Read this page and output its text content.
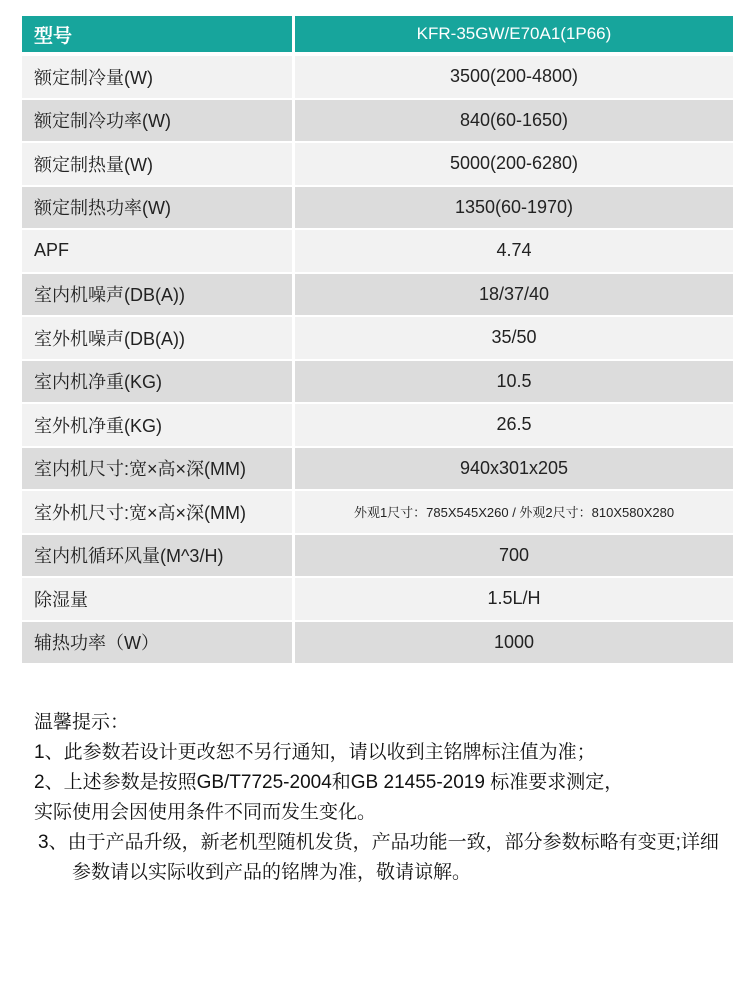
型号	KFR-35GW/E70A1(1P66)
额定制冷量(W)	3500(200-4800)
额定制冷功率(W)	840(60-1650)
额定制热量(W)	5000(200-6280)
额定制热功率(W)	1350(60-1970)
APF	4.74
室内机噪声(DB(A))	18/37/40
室外机噪声(DB(A))	35/50
室内机净重(KG)	10.5
室外机净重(KG)	26.5
室内机尺寸:宽×高×深(MM)	940x301x205
室外机尺寸:宽×高×深(MM)	外观1尺寸：785X545X260 / 外观2尺寸：810X580X280
室内机循环风量(M^3/H)	700
除湿量	1.5L/H
辅热功率（W）	1000

温馨提示：

1、此参数若设计更改恕不另行通知，请以收到主铭牌标注值为准；

2、上述参数是按照GB/T7725-2004和GB 21455-2019 标准要求测定，

实际使用会因使用条件不同而发生变化。

3、由于产品升级，新老机型随机发货，产品功能一致，部分参数标略有变更;详细参数请以实际收到产品的铭牌为准，敬请谅解。
